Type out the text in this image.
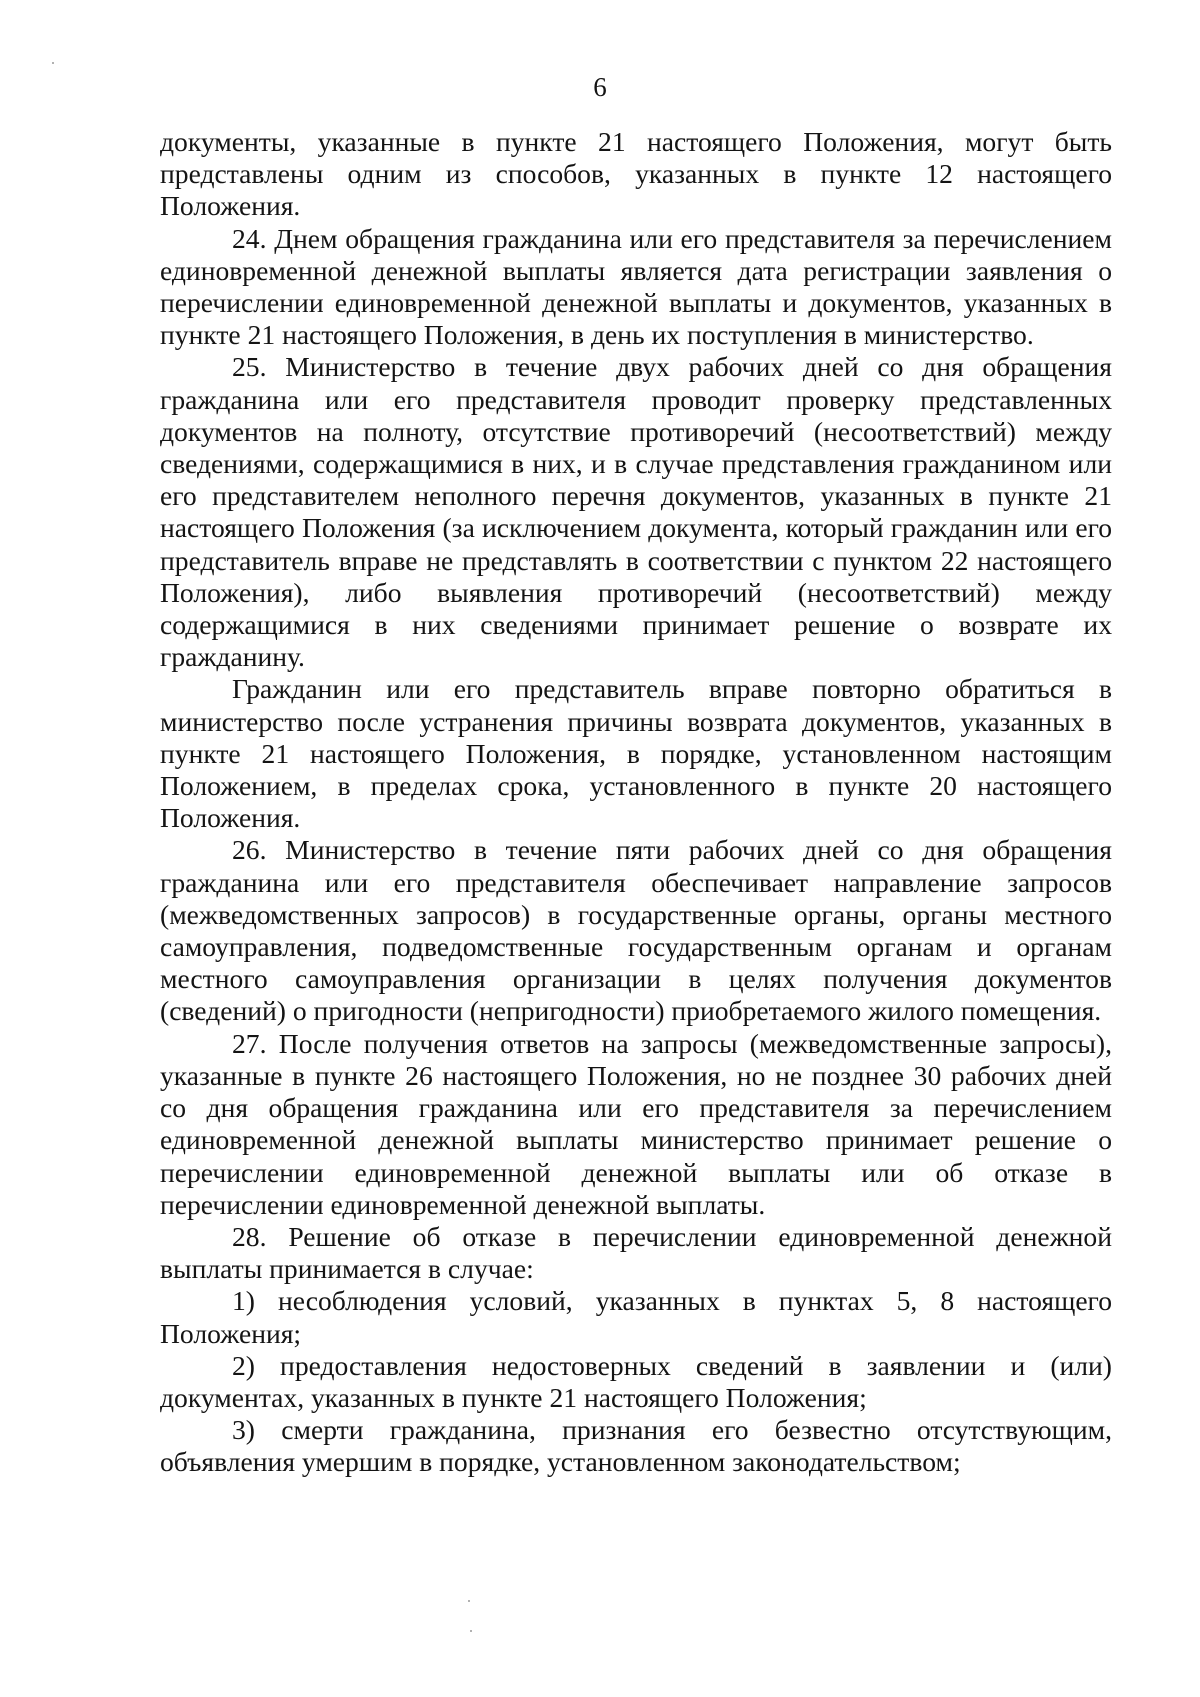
6

документы, указанные в пункте 21 настоящего Положения, могут быть представлены одним из способов, указанных в пункте 12 настоящего Положения.

24. Днем обращения гражданина или его представителя за перечислением единовременной денежной выплаты является дата регистрации заявления о перечислении единовременной денежной выплаты и документов, указанных в пункте 21 настоящего Положения, в день их поступления в министерство.

25. Министерство в течение двух рабочих дней со дня обращения гражданина или его представителя проводит проверку представленных документов на полноту, отсутствие противоречий (несоответствий) между сведениями, содержащимися в них, и в случае представления гражданином или его представителем неполного перечня документов, указанных в пункте 21 настоящего Положения (за исключением документа, который гражданин или его представитель вправе не представлять в соответствии с пунктом 22 настоящего Положения), либо выявления противоречий (несоответствий) между содержащимися в них сведениями принимает решение о возврате их гражданину.

Гражданин или его представитель вправе повторно обратиться в министерство после устранения причины возврата документов, указанных в пункте 21 настоящего Положения, в порядке, установленном настоящим Положением, в пределах срока, установленного в пункте 20 настоящего Положения.

26. Министерство в течение пяти рабочих дней со дня обращения гражданина или его представителя обеспечивает направление запросов (межведомственных запросов) в государственные органы, органы местного самоуправления, подведомственные государственным органам и органам местного самоуправления организации в целях получения документов (сведений) о пригодности (непригодности) приобретаемого жилого помещения.

27. После получения ответов на запросы (межведомственные запросы), указанные в пункте 26 настоящего Положения, но не позднее 30 рабочих дней со дня обращения гражданина или его представителя за перечислением единовременной денежной выплаты министерство принимает решение о перечислении единовременной денежной выплаты или об отказе в перечислении единовременной денежной выплаты.

28. Решение об отказе в перечислении единовременной денежной выплаты принимается в случае:

1) несоблюдения условий, указанных в пунктах 5, 8 настоящего Положения;

2) предоставления недостоверных сведений в заявлении и (или) документах, указанных в пункте 21 настоящего Положения;

3) смерти гражданина, признания его безвестно отсутствующим, объявления умершим в порядке, установленном законодательством;
